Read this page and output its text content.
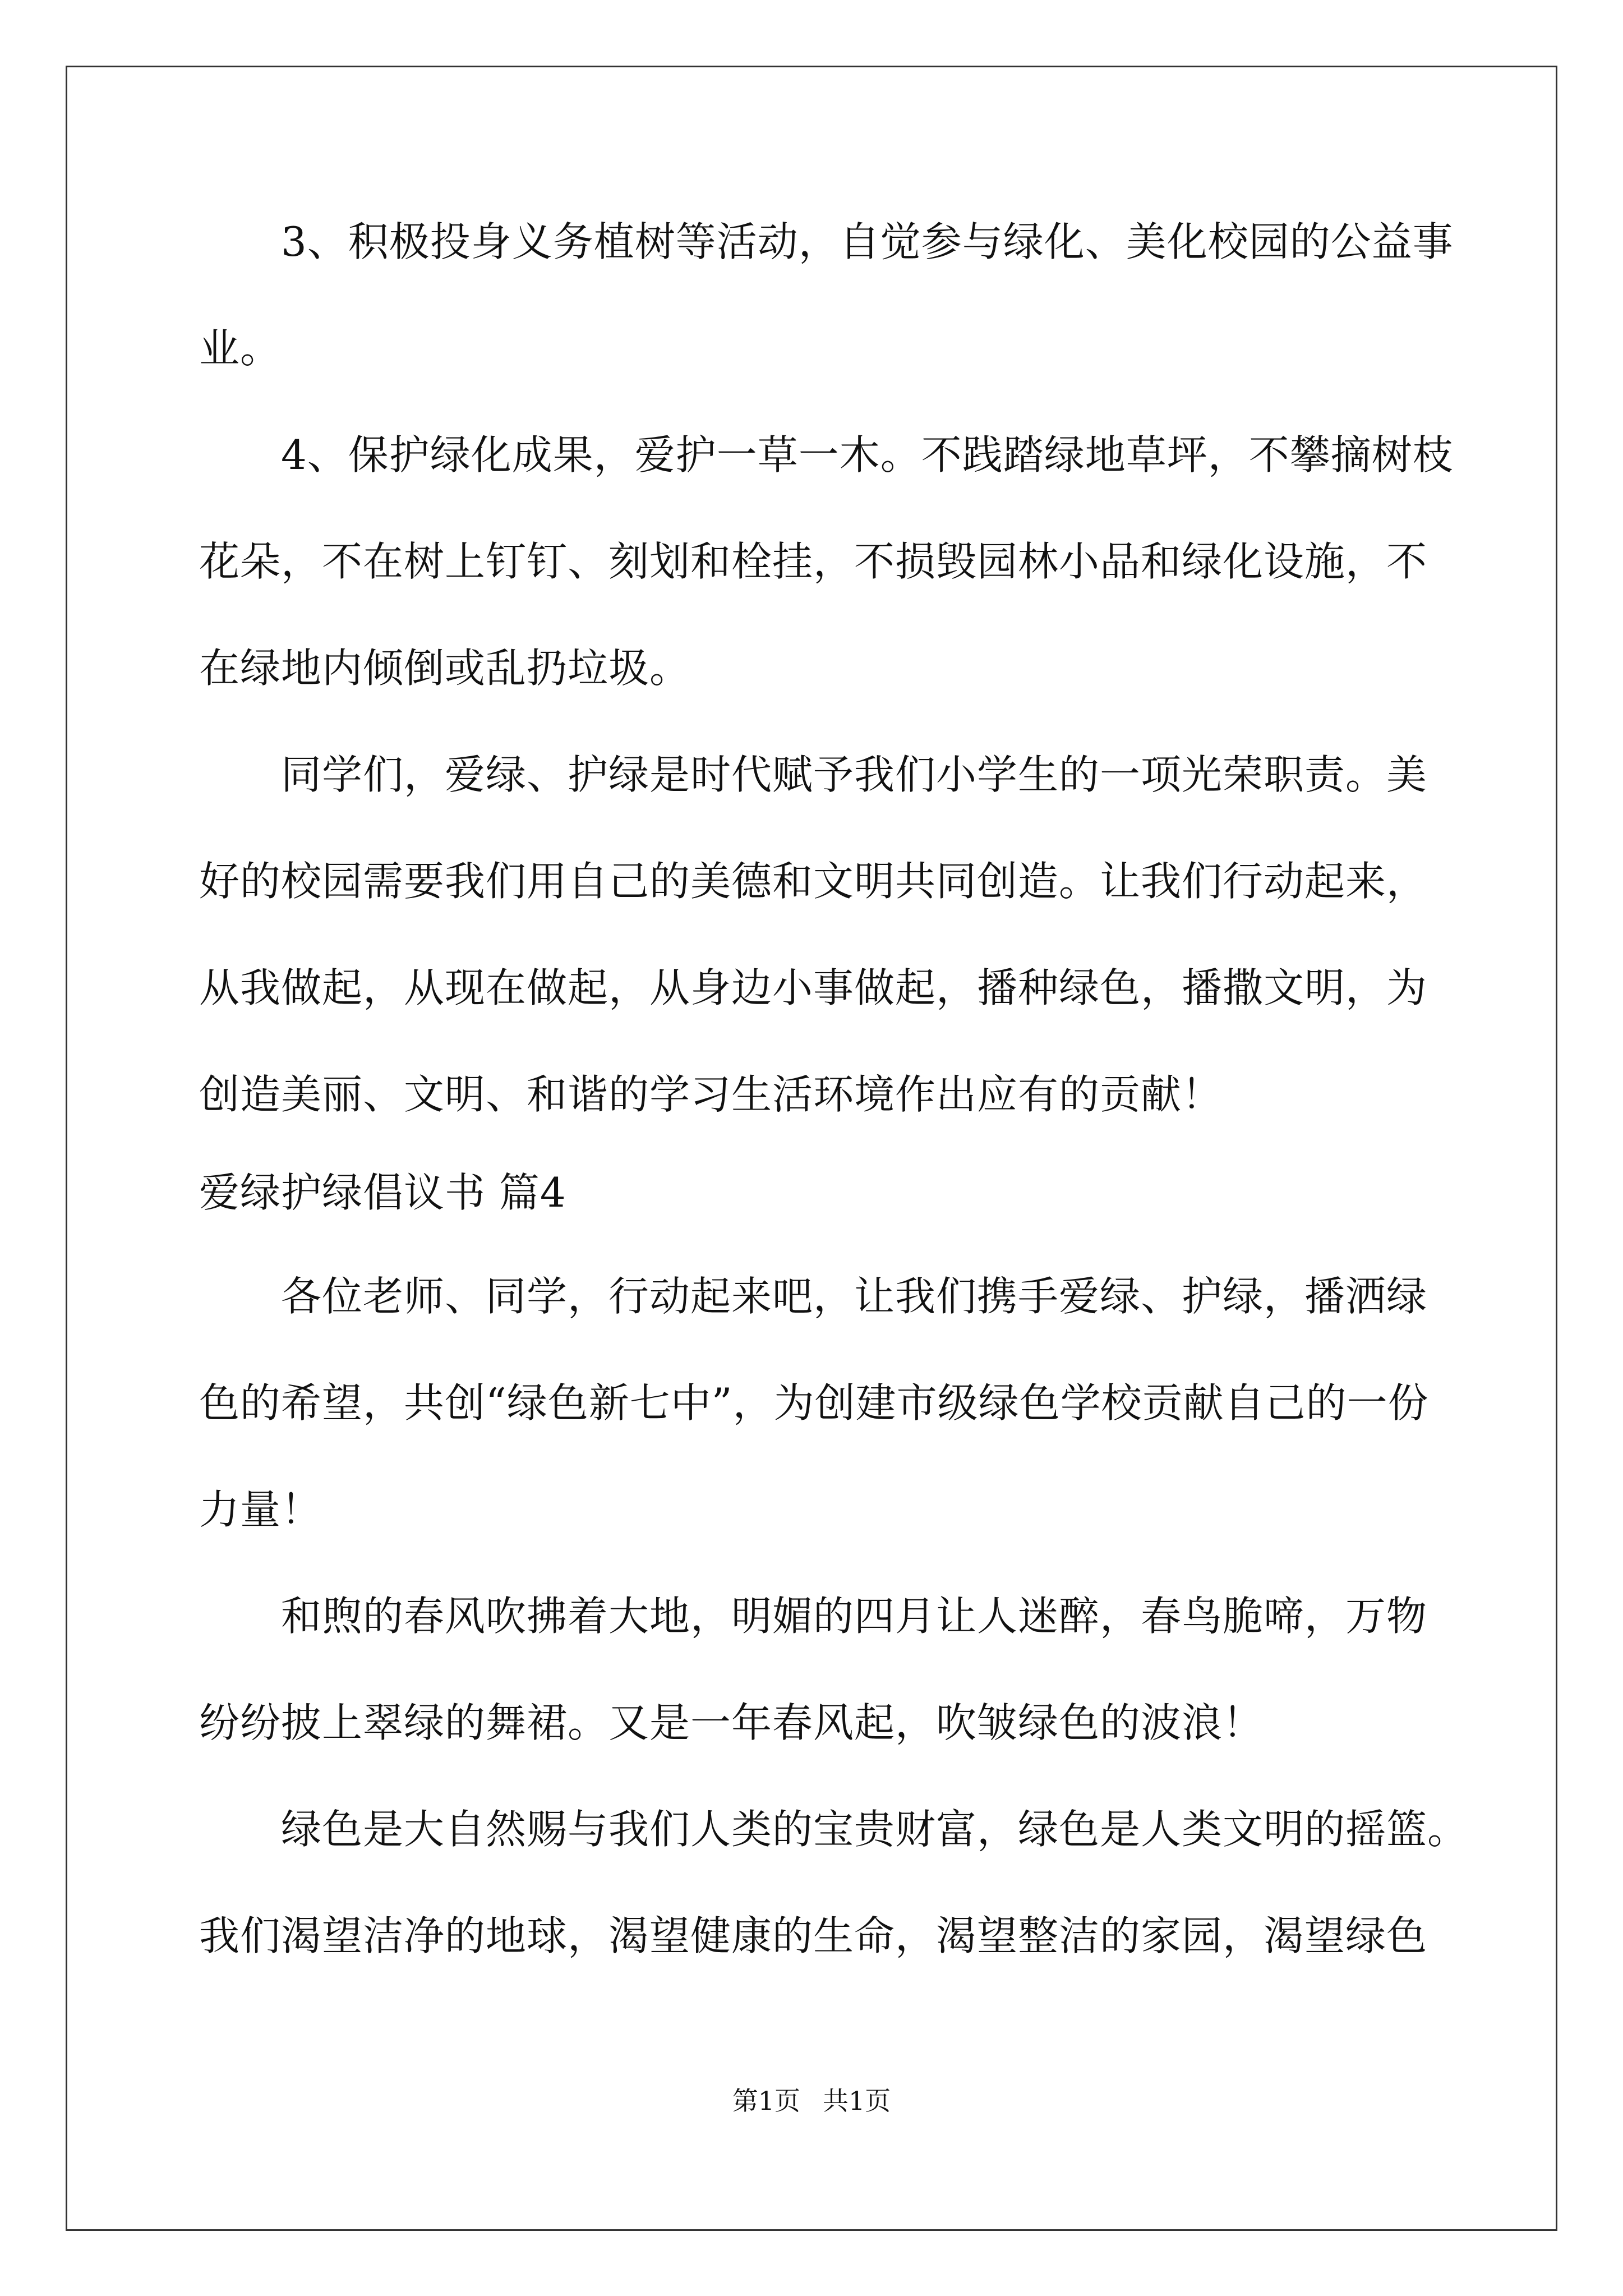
　　3、积极投身义务植树等活动，自觉参与绿化、美化校园的公益事
业。
　　4、保护绿化成果，爱护一草一木。不践踏绿地草坪，不攀摘树枝
花朵，不在树上钉钉、刻划和栓挂，不损毁园林小品和绿化设施，不
在绿地内倾倒或乱扔垃圾。
　　同学们，爱绿、护绿是时代赋予我们小学生的一项光荣职责。美
好的校园需要我们用自己的美德和文明共同创造。让我们行动起来，
从我做起，从现在做起，从身边小事做起，播种绿色，播撒文明，为
创造美丽、文明、和谐的学习生活环境作出应有的贡献！
爱绿护绿倡议书 篇4
　　各位老师、同学，行动起来吧，让我们携手爱绿、护绿，播洒绿
色的希望，共创“绿色新七中”，为创建市级绿色学校贡献自己的一份
力量！
　　和煦的春风吹拂着大地，明媚的四月让人迷醉，春鸟脆啼，万物
纷纷披上翠绿的舞裙。又是一年春风起，吹皱绿色的波浪！
　　绿色是大自然赐与我们人类的宝贵财富，绿色是人类文明的摇篮。
我们渴望洁净的地球，渴望健康的生命，渴望整洁的家园，渴望绿色
第1页 共1页
